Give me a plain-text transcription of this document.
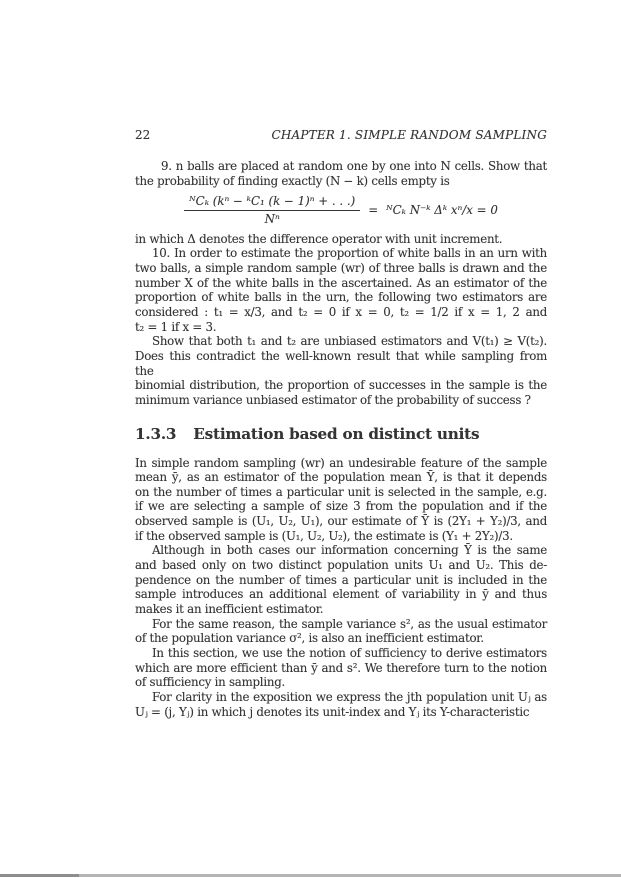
22	CHAPTER 1. SIMPLE RANDOM SAMPLING
9. n balls are placed at random one by one into N cells. Show that
the probability of finding exactly (N − k) cells empty is
$\frac{\text{ᴺCₖ (kⁿ − ᵏC₁ (k − 1)ⁿ + . . .)}}{\text{Nⁿ}}$ = ᴺCₖ N⁻ᵏ Δᵏ xⁿ/x = 0
in which Δ denotes the difference operator with unit increment.
10. In order to estimate the proportion of white balls in an urn with
two balls, a simple random sample (wr) of three balls is drawn and the
number X of the white balls in the ascertained. As an estimator of the
proportion of white balls in the urn, the following two estimators are
considered : t₁ = x/3, and t₂ = 0 if x = 0, t₂ = 1/2 if x = 1, 2 and
t₂ = 1 if x = 3.
Show that both t₁ and t₂ are unbiased estimators and V(t₁) ≥ V(t₂).
Does this contradict the well-known result that while sampling from the
binomial distribution, the proportion of successes in the sample is the
minimum variance unbiased estimator of the probability of success ?
1.3.3 Estimation based on distinct units
In simple random sampling (wr) an undesirable feature of the sample
mean ȳ, as an estimator of the population mean Ȳ, is that it depends
on the number of times a particular unit is selected in the sample, e.g.
if we are selecting a sample of size 3 from the population and if the
observed sample is (U₁, U₂, U₁), our estimate of Ȳ is (2Y₁ + Y₂)/3, and
if the observed sample is (U₁, U₂, U₂), the estimate is (Y₁ + 2Y₂)/3.
Although in both cases our information concerning Ȳ is the same
and based only on two distinct population units U₁ and U₂. This de-
pendence on the number of times a particular unit is included in the
sample introduces an additional element of variability in ȳ and thus
makes it an inefficient estimator.
For the same reason, the sample variance s², as the usual estimator
of the population variance σ², is also an inefficient estimator.
In this section, we use the notion of sufficiency to derive estimators
which are more efficient than ȳ and s². We therefore turn to the notion
of sufficiency in sampling.
For clarity in the exposition we express the jth population unit Uⱼ as
Uⱼ = (j, Yⱼ) in which j denotes its unit-index and Yⱼ its Y-characteristic
